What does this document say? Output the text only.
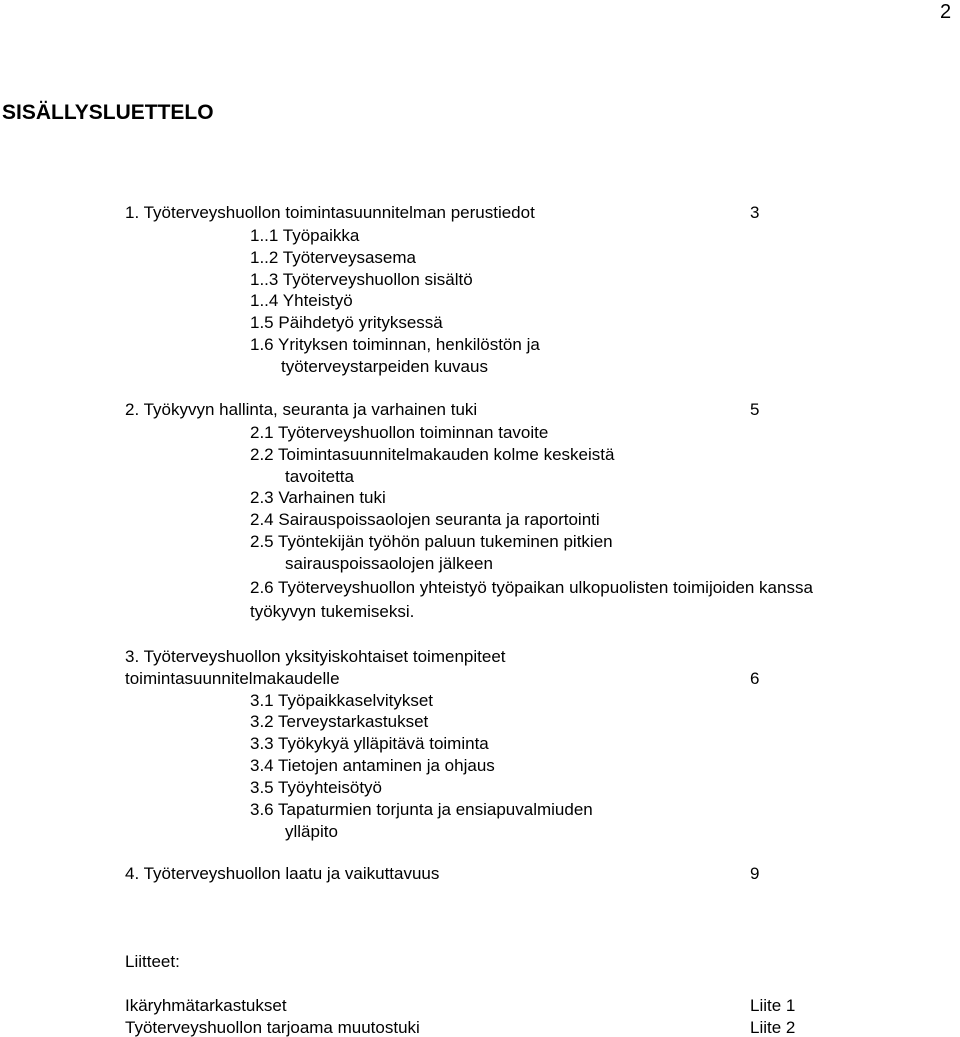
2
SISÄLLYSLUETTELO
1. Työterveyshuollon toimintasuunnitelman perustiedot	3
1..1 Työpaikka
1..2 Työterveysasema
1..3 Työterveyshuollon sisältö
1..4 Yhteistyö
1.5 Päihdetyö yrityksessä
1.6 Yrityksen toiminnan, henkilöstön ja
työterveystarpeiden kuvaus
2. Työkyvyn hallinta, seuranta ja varhainen tuki	5
2.1 Työterveyshuollon toiminnan tavoite
2.2 Toimintasuunnitelmakauden kolme keskeistä
tavoitetta
2.3 Varhainen tuki
2.4 Sairauspoissaolojen seuranta ja raportointi
2.5 Työntekijän työhön paluun tukeminen pitkien
sairauspoissaolojen jälkeen
2.6 Työterveyshuollon yhteistyö työpaikan ulkopuolisten toimijoiden kanssa
työkyvyn tukemiseksi.
3. Työterveyshuollon yksityiskohtaiset toimenpiteet
toimintasuunnitelmakaudelle	6
3.1 Työpaikkaselvitykset
3.2 Terveystarkastukset
3.3 Työkykyä ylläpitävä toiminta
3.4 Tietojen antaminen ja ohjaus
3.5 Työyhteisötyö
3.6 Tapaturmien torjunta ja ensiapuvalmiuden
ylläpito
4. Työterveyshuollon laatu ja vaikuttavuus	9
Liitteet:
Ikäryhmätarkastukset	Liite 1
Työterveyshuollon tarjoama muutostuki	Liite 2
